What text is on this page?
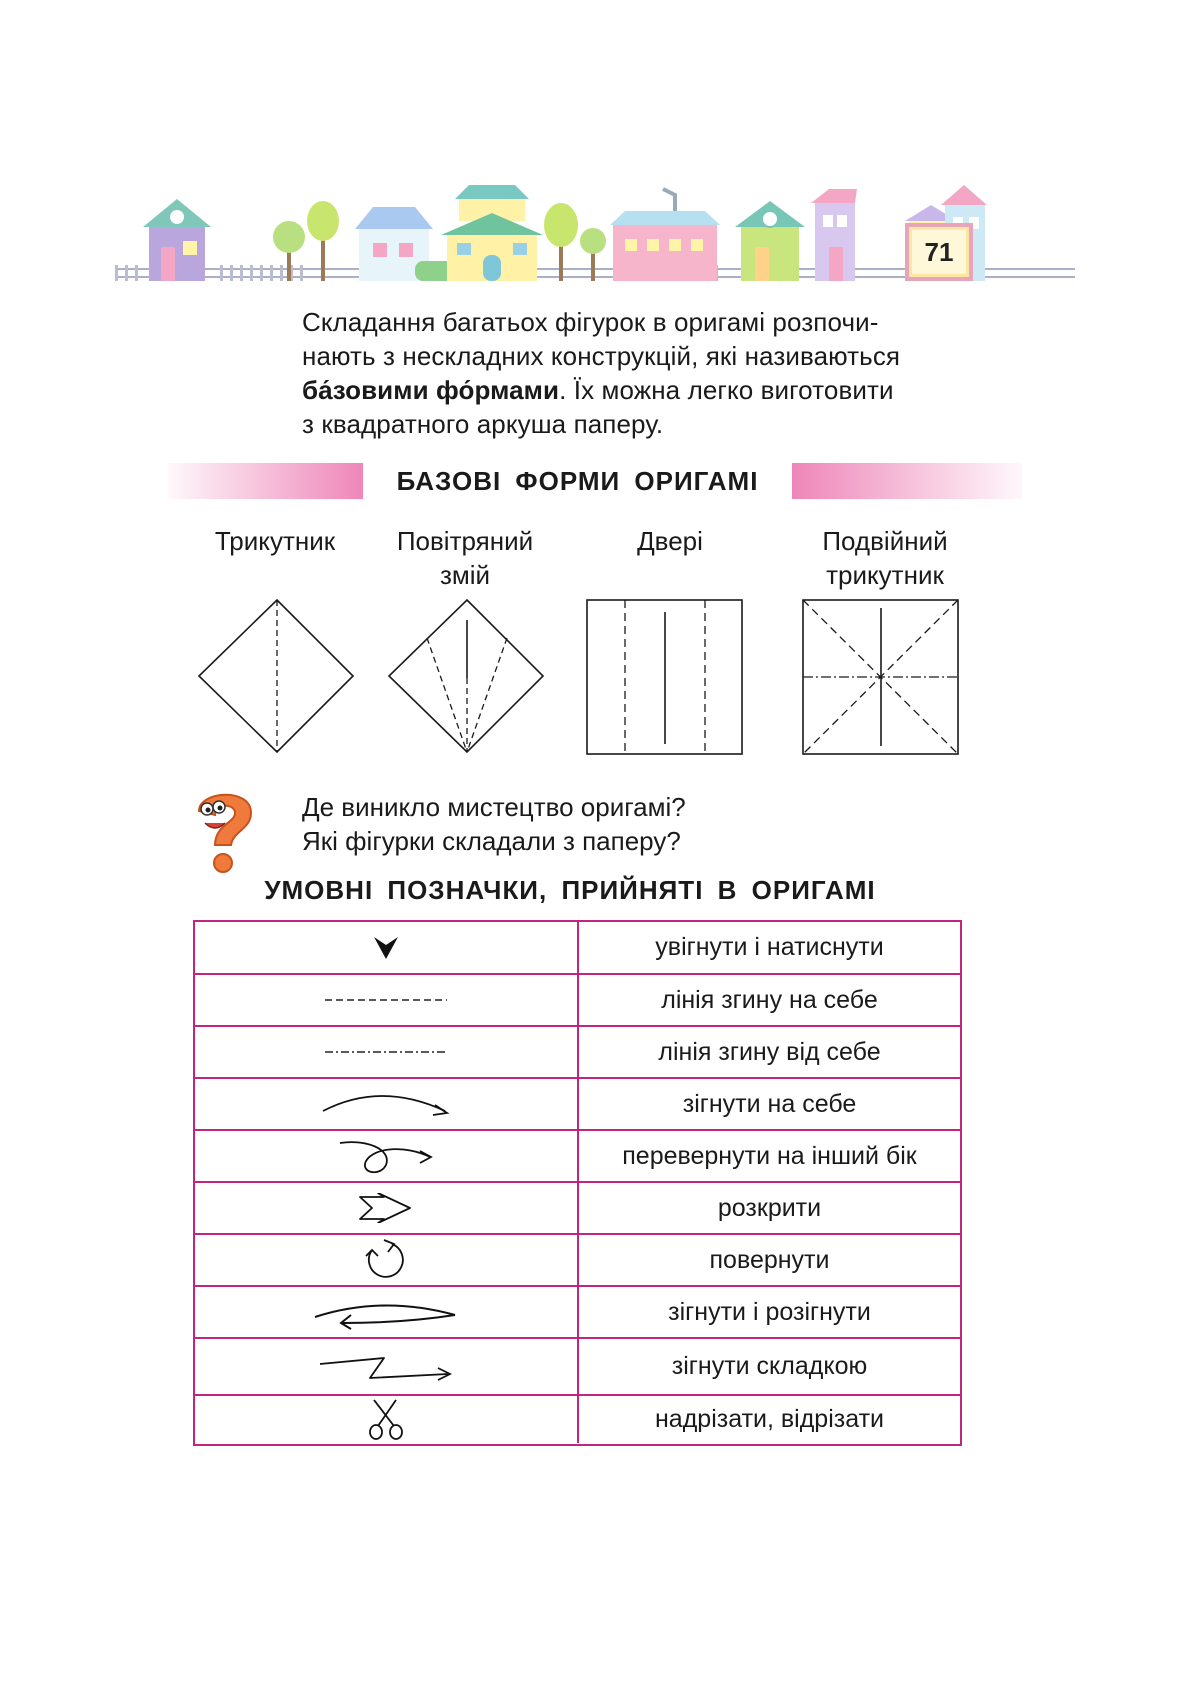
71

Складання багатьох фігурок в оригамі розпочи-

нають з нескладних конструкцій, які називаються

ба́зовими фо́рмами. Їх можна легко виготовити

з квадратного аркуша паперу.

БАЗОВІ ФОРМИ ОРИГАМІ
Трикутник	Повітряний
змій
Двері	Подвійний
трикутник

Де виникло мистецтво оригамі?

Які фігурки складали з паперу?

УМОВНІ ПОЗНАЧКИ, ПРИЙНЯТІ В ОРИГАМІ
увігнути і натиснути
лінія згину на себе
лінія згину від себе
зігнути на себе
перевернути на інший бік
розкрити
повернути
зігнути і розігнути
зігнути складкою
надрізати, відрізати
